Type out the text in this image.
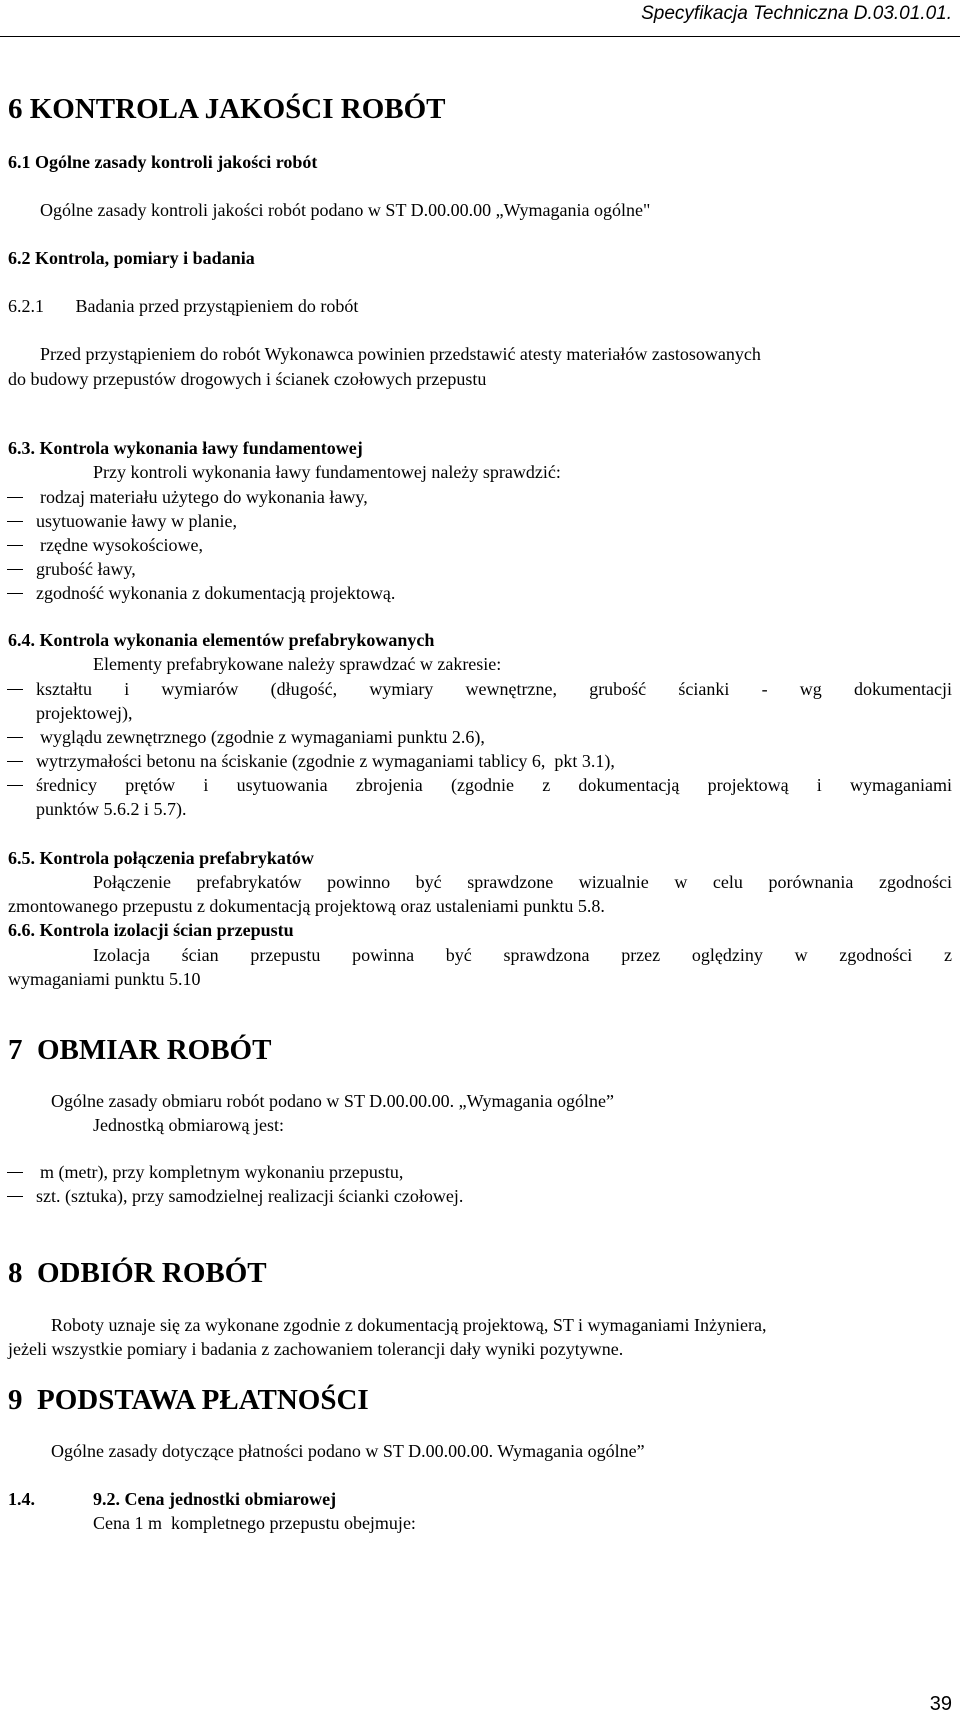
Specyfikacja Techniczna D.03.01.01.
6 KONTROLA JAKOŚCI ROBÓT
6.1 Ogólne zasady kontroli jakości robót
Ogólne zasady kontroli jakości robót podano w ST D.00.00.00 „Wymagania ogólne"
6.2 Kontrola, pomiary i badania
6.2.1       Badania przed przystąpieniem do robót
Przed przystąpieniem do robót Wykonawca powinien przedstawić atesty materiałów zastosowanych
do budowy przepustów drogowych i ścianek czołowych przepustu
6.3. Kontrola wykonania ławy fundamentowej
Przy kontroli wykonania ławy fundamentowej należy sprawdzić:
rodzaj materiału użytego do wykonania ławy,
usytuowanie ławy w planie,
rzędne wysokościowe,
grubość ławy,
zgodność wykonania z dokumentacją projektową.
6.4. Kontrola wykonania elementów prefabrykowanych
Elementy prefabrykowane należy sprawdzać w zakresie:
kształtu i wymiarów (długość, wymiary wewnętrzne, grubość ścianki - wg dokumentacji
projektowej),
wyglądu zewnętrznego (zgodnie z wymaganiami punktu 2.6),
wytrzymałości betonu na ściskanie (zgodnie z wymaganiami tablicy 6,  pkt 3.1),
średnicy prętów i usytuowania zbrojenia (zgodnie z dokumentacją projektową i wymaganiami
punktów 5.6.2 i 5.7).
6.5. Kontrola połączenia prefabrykatów
Połączenie prefabrykatów powinno być sprawdzone wizualnie w celu porównania zgodności
zmontowanego przepustu z dokumentacją projektową oraz ustaleniami punktu 5.8.
6.6. Kontrola izolacji ścian przepustu
Izolacja ścian przepustu powinna być sprawdzona przez oględziny w zgodności z
wymaganiami punktu 5.10
7  OBMIAR ROBÓT
Ogólne zasady obmiaru robót podano w ST D.00.00.00. „Wymagania ogólne”
Jednostką obmiarową jest:
m (metr), przy kompletnym wykonaniu przepustu,
szt. (sztuka), przy samodzielnej realizacji ścianki czołowej.
8  ODBIÓR ROBÓT
Roboty uznaje się za wykonane zgodnie z dokumentacją projektową, ST i wymaganiami Inżyniera,
jeżeli wszystkie pomiary i badania z zachowaniem tolerancji dały wyniki pozytywne.
9  PODSTAWA PŁATNOŚCI
Ogólne zasady dotyczące płatności podano w ST D.00.00.00. Wymagania ogólne”
1.4.	9.2. Cena jednostki obmiarowej
Cena 1 m  kompletnego przepustu obejmuje:
39
